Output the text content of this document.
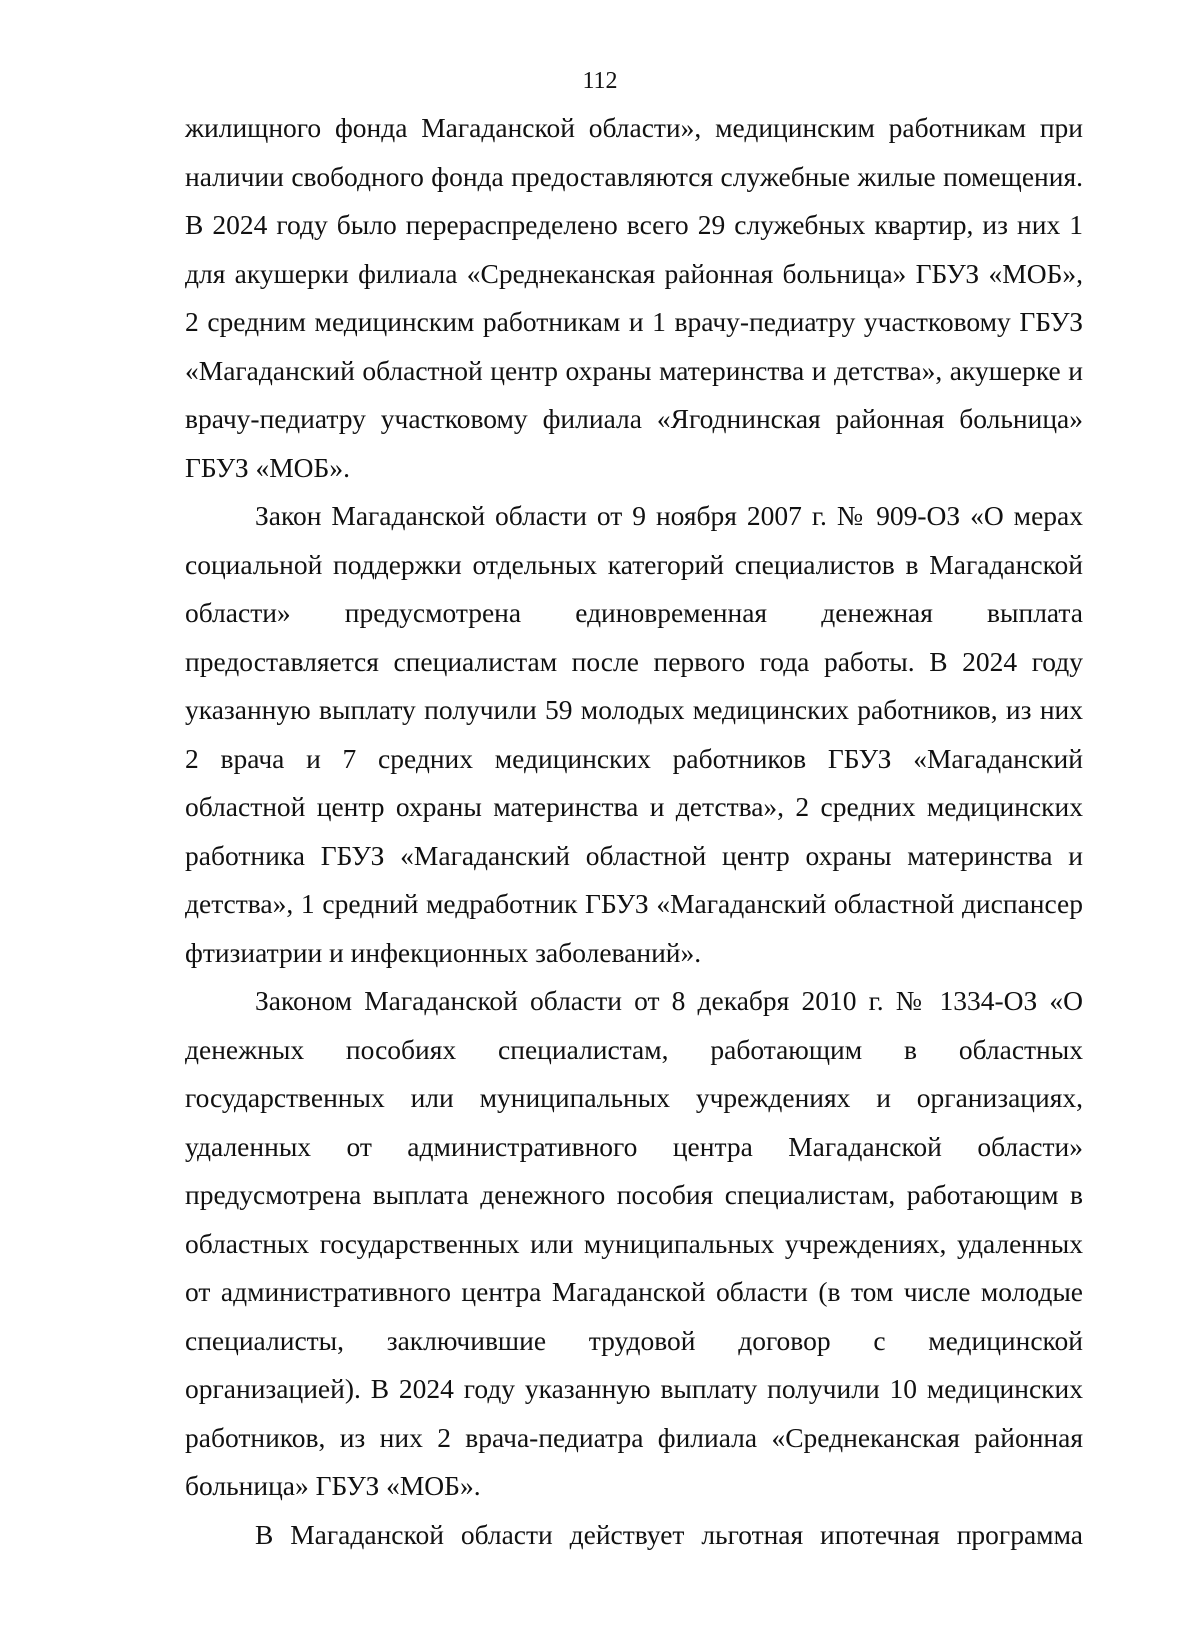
112

жилищного фонда Магаданской области», медицинским работникам при наличии свободного фонда предоставляются служебные жилые помещения. В 2024 году было перераспределено всего 29 служебных квартир, из них 1 для акушерки филиала «Среднеканская районная больница» ГБУЗ «МОБ», 2 средним медицинским работникам и 1 врачу-педиатру участковому ГБУЗ «Магаданский областной центр охраны материнства и детства», акушерке и врачу-педиатру участковому филиала «Ягоднинская районная больница» ГБУЗ «МОБ».

Закон Магаданской области от 9 ноября 2007 г. № 909-ОЗ «О мерах социальной поддержки отдельных категорий специалистов в Магаданской области» предусмотрена единовременная денежная выплата предоставляется специалистам после первого года работы. В 2024 году указанную выплату получили 59 молодых медицинских работников, из них 2 врача и 7 средних медицинских работников ГБУЗ «Магаданский областной центр охраны материнства и детства», 2 средних медицинских работника ГБУЗ «Магаданский областной центр охраны материнства и детства», 1 средний медработник ГБУЗ «Магаданский областной диспансер фтизиатрии и инфекционных заболеваний».

Законом Магаданской области от 8 декабря 2010 г. № 1334-ОЗ «О денежных пособиях специалистам, работающим в областных государственных или муниципальных учреждениях и организациях, удаленных от административного центра Магаданской области» предусмотрена выплата денежного пособия специалистам, работающим в областных государственных или муниципальных учреждениях, удаленных от административного центра Магаданской области (в том числе молодые специалисты, заключившие трудовой договор с медицинской организацией). В 2024 году указанную выплату получили 10 медицинских работников, из них 2 врача-педиатра филиала «Среднеканская районная больница» ГБУЗ «МОБ».

В Магаданской области действует льготная ипотечная программа
